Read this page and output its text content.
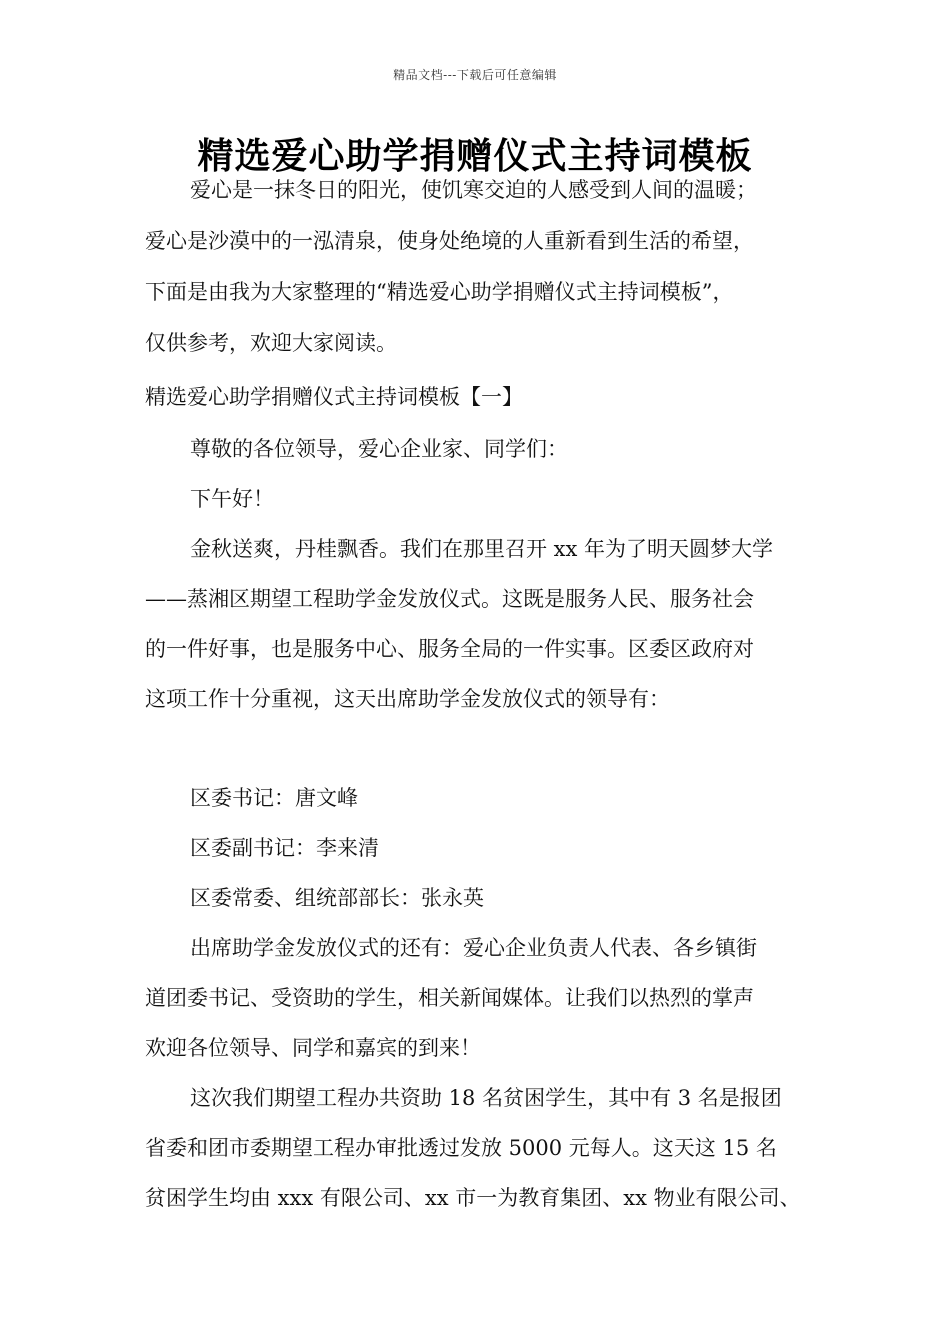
精品文档---下载后可任意编辑
精选爱心助学捐赠仪式主持词模板
爱心是一抹冬日的阳光，使饥寒交迫的人感受到人间的温暖；
爱心是沙漠中的一泓清泉，使身处绝境的人重新看到生活的希望，
下面是由我为大家整理的“精选爱心助学捐赠仪式主持词模板”，
仅供参考，欢迎大家阅读。
精选爱心助学捐赠仪式主持词模板【一】
尊敬的各位领导，爱心企业家、同学们：
下午好！
金秋送爽，丹桂飘香。我们在那里召开 xx 年为了明天圆梦大学
——蒸湘区期望工程助学金发放仪式。这既是服务人民、服务社会
的一件好事，也是服务中心、服务全局的一件实事。区委区政府对
这项工作十分重视，这天出席助学金发放仪式的领导有：
区委书记：唐文峰
区委副书记：李来清
区委常委、组统部部长：张永英
出席助学金发放仪式的还有：爱心企业负责人代表、各乡镇街
道团委书记、受资助的学生，相关新闻媒体。让我们以热烈的掌声
欢迎各位领导、同学和嘉宾的到来！
这次我们期望工程办共资助 18 名贫困学生，其中有 3 名是报团
省委和团市委期望工程办审批透过发放 5000 元每人。这天这 15 名
贫困学生均由 xxx 有限公司、xx 市一为教育集团、xx 物业有限公司、
